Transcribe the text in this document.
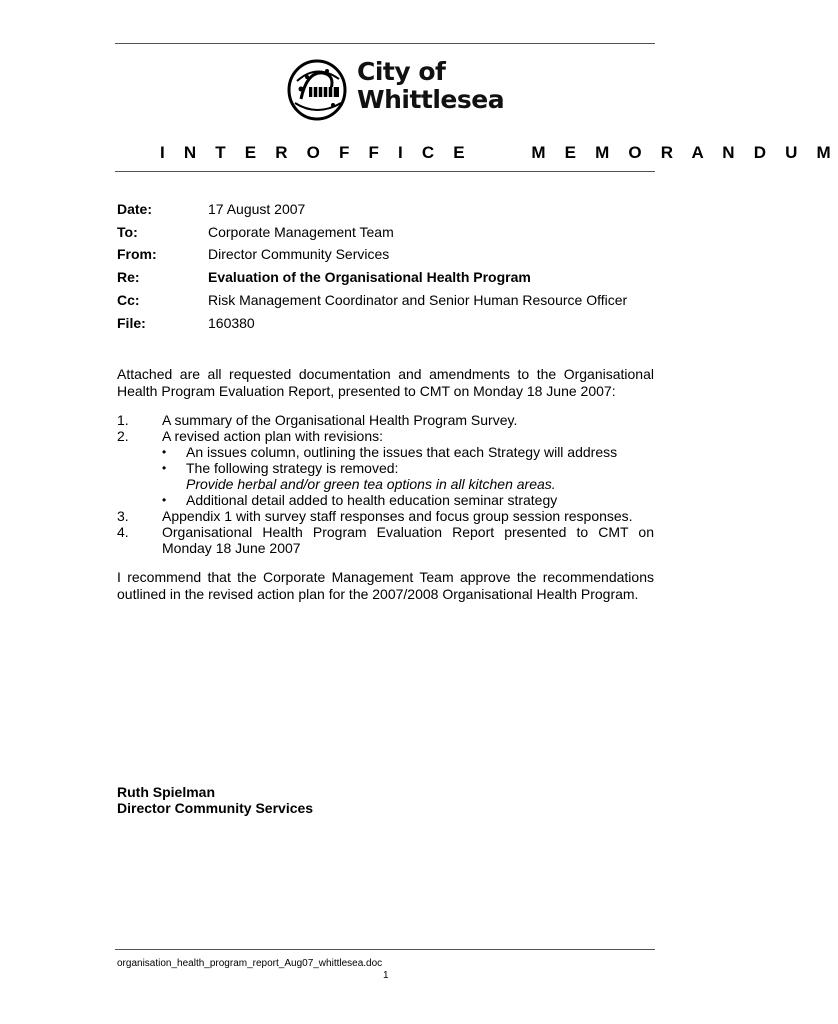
City of
Whittlesea
I N T E R O F F I C E     M E M O R A N D U M
Date:	17 August 2007
To:	Corporate Management Team
From:	Director Community Services
Re:	Evaluation of the Organisational Health Program
Cc:	Risk Management Coordinator and Senior Human Resource Officer
File:	160380
Attached are all requested documentation and amendments to the Organisational Health Program Evaluation Report, presented to CMT on Monday 18 June 2007:
1. A summary of the Organisational Health Program Survey.
2. A revised action plan with revisions:
• An issues column, outlining the issues that each Strategy will address
• The following strategy is removed:
Provide herbal and/or green tea options in all kitchen areas.
• Additional detail added to health education seminar strategy
3. Appendix 1 with survey staff responses and focus group session responses.
4. Organisational Health Program Evaluation Report presented to CMT on Monday 18 June 2007
I recommend that the Corporate Management Team approve the recommendations outlined in the revised action plan for the 2007/2008 Organisational Health Program.
Ruth Spielman
Director Community Services
organisation_health_program_report_Aug07_whittlesea.doc
1
